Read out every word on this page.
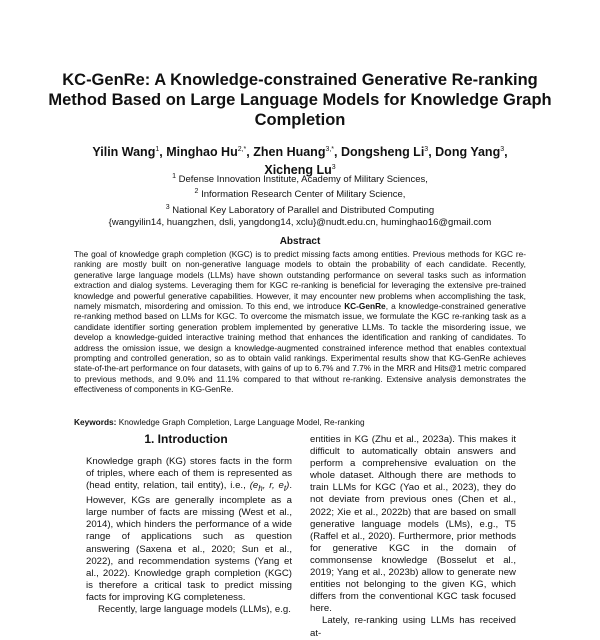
KC-GenRe: A Knowledge-constrained Generative Re-ranking Method Based on Large Language Models for Knowledge Graph Completion
Yilin Wang$^1$, Minghao $Hu^{2,*}$, Zhen Huang$^{3,*}$, Dongsheng Li$^3$, Dong Yang$^3$,
Xicheng Lu$^3$
$^1$ Defense Innovation Institute, Academy of Military Sciences,
$^2$ Information Research Center of Military Science,
$^3$ National Key Laboratory of Parallel and Distributed Computing
{wangyilin14, huangzhen, dsli, yangdong14, xclu}@nudt.edu.cn, huminghao16@gmail.com
Abstract
The goal of knowledge graph completion (KGC) is to predict missing facts among entities. Previous methods for KGC re-ranking are mostly built on non-generative language models to obtain the probability of each candidate. Recently, generative large language models (LLMs) have shown outstanding performance on several tasks such as information extraction and dialog systems. Leveraging them for KGC re-ranking is beneficial for leveraging the extensive pre-trained knowledge and powerful generative capabilities. However, it may encounter new problems when accomplishing the task, namely mismatch, misordering and omission. To this end, we introduce KC-GenRe, a knowledge-constrained generative re-ranking method based on LLMs for KGC. To overcome the mismatch issue, we formulate the KGC re-ranking task as a candidate identifier sorting generation problem implemented by generative LLMs. To tackle the misordering issue, we develop a knowledge-guided interactive training method that enhances the identification and ranking of candidates. To address the omission issue, we design a knowledge-augmented constrained inference method that enables contextual prompting and controlled generation, so as to obtain valid rankings. Experimental results show that KG-GenRe achieves state-of-the-art performance on four datasets, with gains of up to 6.7% and 7.7% in the MRR and Hits@1 metric compared to previous methods, and 9.0% and 11.1% compared to that without re-ranking. Extensive analysis demonstrates the effectiveness of components in KG-GenRe.
Keywords: Knowledge Graph Completion, Large Language Model, Re-ranking
1. Introduction

Knowledge graph (KG) stores facts in the form of triples, where each of them is represented as (head entity, relation, tail entity), i.e., ($e_h$, r, $e_t$). However, KGs are generally incomplete as a large number of facts are missing (West et al., 2014), which hinders the performance of a wide range of applications such as question answering (Saxena et al., 2020; Sun et al., 2022), and recommendation systems (Yang et al., 2022). Knowledge graph completion (KGC) is therefore a critical task to predict missing facts for improving KG completeness.

Recently, large language models (LLMs), e.g.

entities in KG (Zhu et al., 2023a). This makes it difficult to automatically obtain answers and perform a comprehensive evaluation on the whole dataset. Although there are methods to train LLMs for KGC (Yao et al., 2023), they do not deviate from previous ones (Chen et al., 2022; Xie et al., 2022b) that are based on small generative language models (LMs), e.g., T5 (Raffel et al., 2020). Furthermore, prior methods for generative KGC in the domain of commonsense knowledge (Bosselut et al., 2019; Yang et al., 2023b) allow to generate new entities not belonging to the given KG, which differs from the conventional KGC task focused here.

Lately, re-ranking using LLMs has received at-
